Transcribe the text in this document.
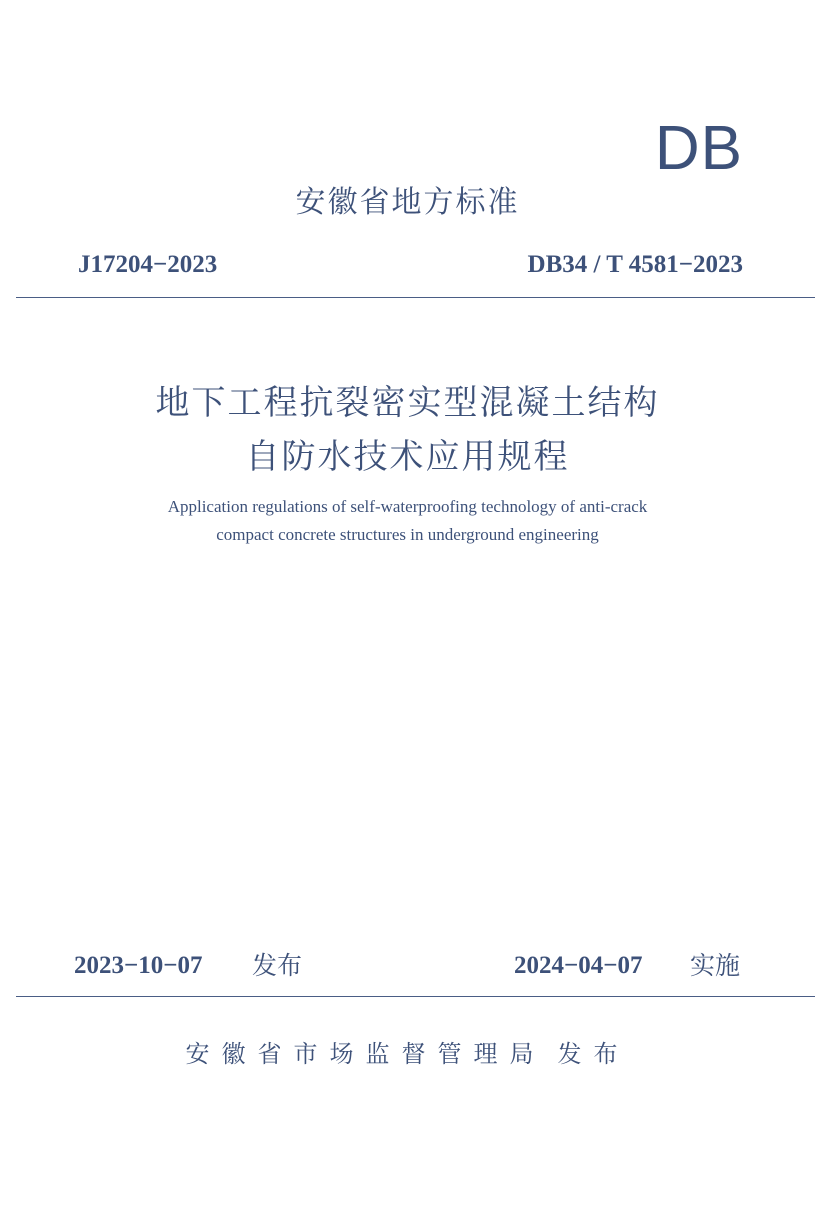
DB
安徽省地方标准
J17204−2023	DB34 / T 4581−2023
地下工程抗裂密实型混凝土结构
自防水技术应用规程
Application regulations of self-waterproofing technology of anti-crack
compact concrete structures in underground engineering
2023−10−07 发布	2024−04−07 实施
安徽省市场监督管理局 发布
